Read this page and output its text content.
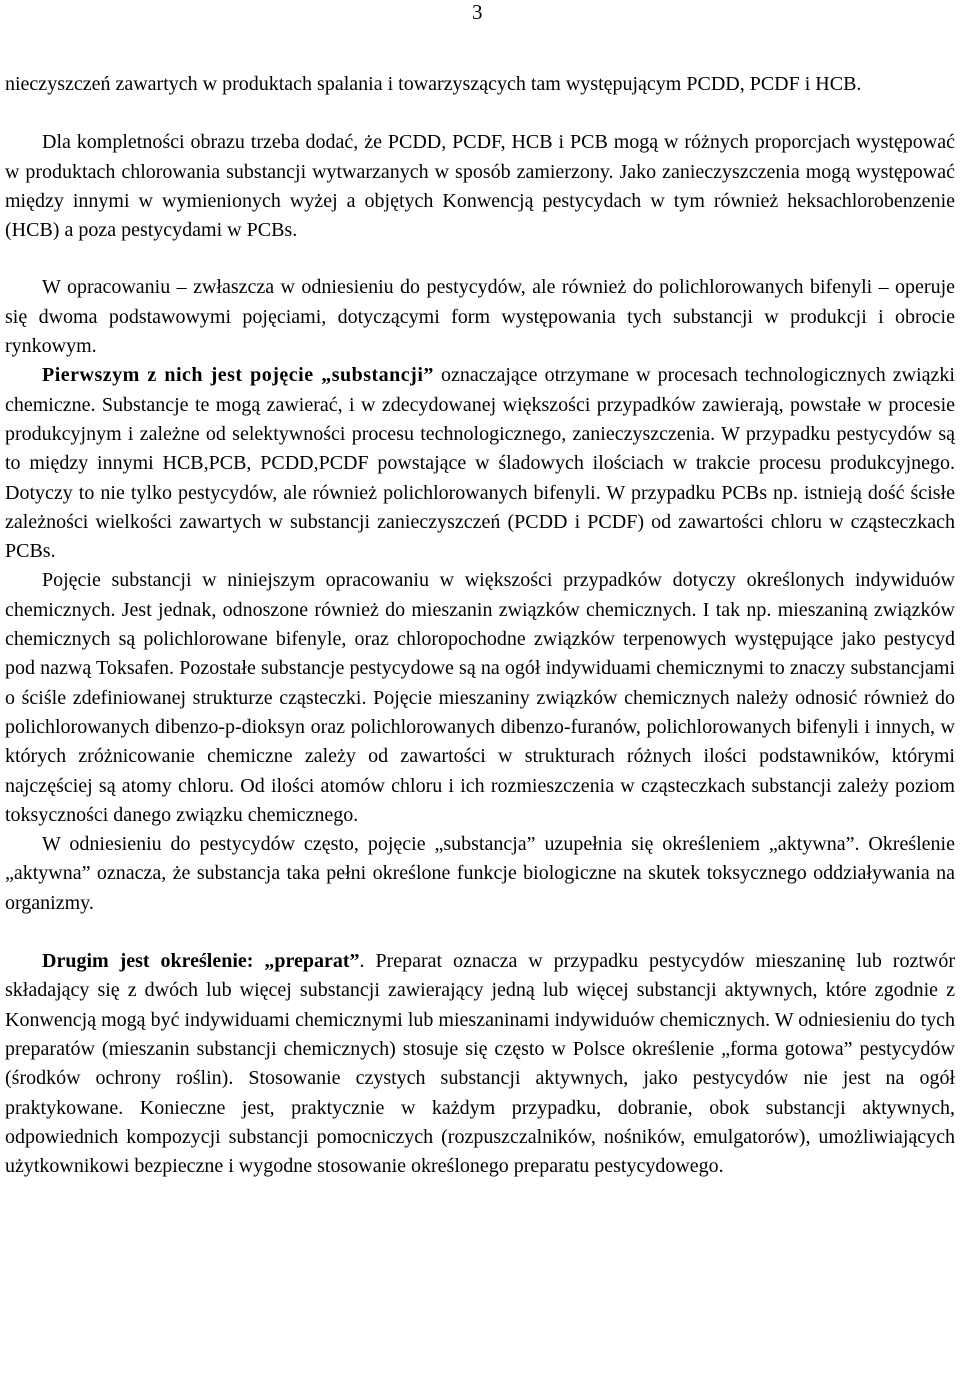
3

nieczyszczeń zawartych w produktach spalania i towarzyszących tam występującym PCDD, PCDF i HCB.

Dla kompletności obrazu trzeba dodać, że PCDD, PCDF, HCB i PCB mogą w różnych proporcjach występować w produktach chlorowania substancji wytwarzanych w sposób zamierzony. Jako zanieczyszczenia mogą występować między innymi w wymienionych wyżej a objętych Konwencją pestycydach w tym również heksachlorobenzenie (HCB) a poza pestycydami w PCBs.

W opracowaniu – zwłaszcza w odniesieniu do pestycydów, ale również do polichlorowanych bifenyli – operuje się dwoma podstawowymi pojęciami, dotyczącymi form występowania tych substancji w produkcji i obrocie rynkowym.

Pierwszym z nich jest pojęcie „substancji” oznaczające otrzymane w procesach technologicznych związki chemiczne. Substancje te mogą zawierać, i w zdecydowanej większości przypadków zawierają, powstałe w procesie produkcyjnym i zależne od selektywności procesu technologicznego, zanieczyszczenia. W przypadku pestycydów są to między innymi HCB,PCB, PCDD,PCDF powstające w śladowych ilościach w trakcie procesu produkcyjnego. Dotyczy to nie tylko pestycydów, ale również polichlorowanych bifenyli. W przypadku PCBs np. istnieją dość ścisłe zależności wielkości zawartych w substancji zanieczyszczeń (PCDD i PCDF) od zawartości chloru w cząsteczkach PCBs.

Pojęcie substancji w niniejszym opracowaniu w większości przypadków dotyczy określonych indywiduów chemicznych. Jest jednak, odnoszone również do mieszanin związków chemicznych. I tak np. mieszaniną związków chemicznych są polichlorowane bifenyle, oraz chloropochodne związków terpenowych występujące jako pestycyd pod nazwą Toksafen. Pozostałe substancje pestycydowe są na ogół indywiduami chemicznymi to znaczy substancjami o ściśle zdefiniowanej strukturze cząsteczki. Pojęcie mieszaniny związków chemicznych należy odnosić również do polichlorowanych dibenzo-p-dioksyn oraz polichlorowanych dibenzo-furanów, polichlorowanych bifenyli i innych, w których zróżnicowanie chemiczne zależy od zawartości w strukturach różnych ilości podstawników, którymi najczęściej są atomy chloru. Od ilości atomów chloru i ich rozmieszczenia w cząsteczkach substancji zależy poziom toksyczności danego związku chemicznego.

W odniesieniu do pestycydów często, pojęcie „substancja” uzupełnia się określeniem „aktywna”. Określenie „aktywna” oznacza, że substancja taka pełni określone funkcje biologiczne na skutek toksycznego oddziaływania na organizmy.

Drugim jest określenie: „preparat”. Preparat oznacza w przypadku pestycydów mieszaninę lub roztwór składający się z dwóch lub więcej substancji zawierający jedną lub więcej substancji aktywnych, które zgodnie z Konwencją mogą być indywiduami chemicznymi lub mieszaninami indywiduów chemicznych. W odniesieniu do tych preparatów (mieszanin substancji chemicznych) stosuje się często w Polsce określenie „forma gotowa” pestycydów (środków ochrony roślin). Stosowanie czystych substancji aktywnych, jako pestycydów nie jest na ogół praktykowane. Konieczne jest, praktycznie w każdym przypadku, dobranie, obok substancji aktywnych, odpowiednich kompozycji substancji pomocniczych (rozpuszczalników, nośników, emulgatorów), umożliwiających użytkownikowi bezpieczne i wygodne stosowanie określonego preparatu pestycydowego.
